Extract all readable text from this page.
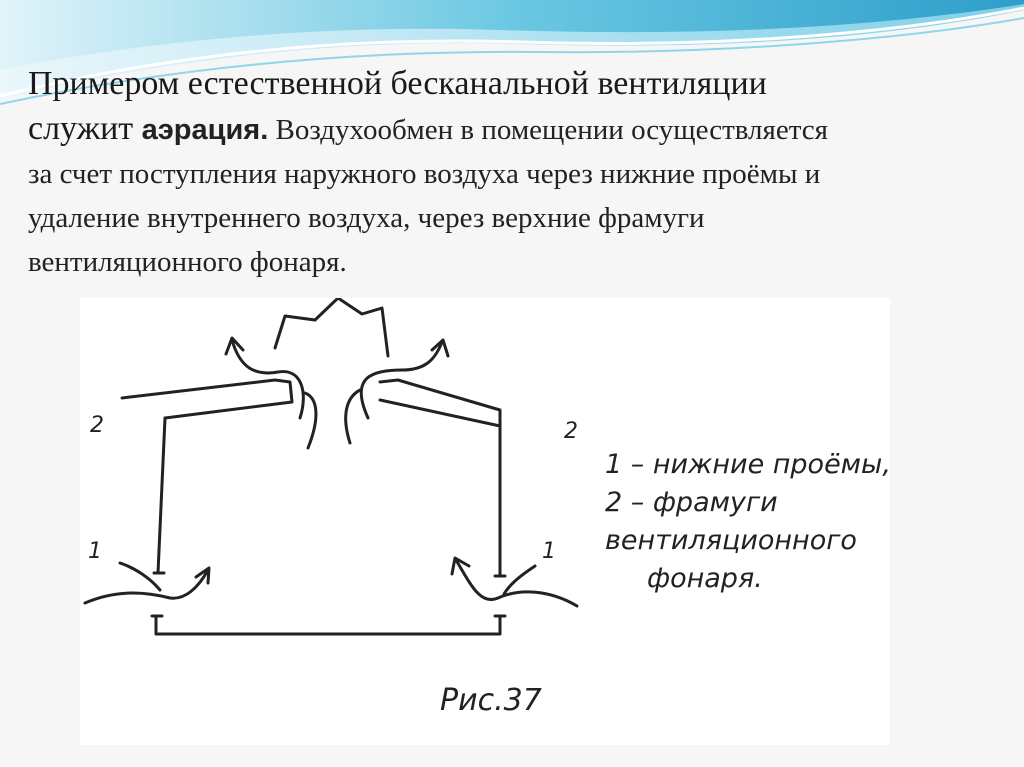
Примером естественной бесканальной вентиляции
служит аэрация. Воздухообмен в помещении осуществляется
за счет поступления наружного воздуха через нижние проёмы и
удаление внутреннего воздуха, через верхние фрамуги
вентиляционного фонаря.

2	2
1	1
1 – нижние проёмы,
2 – фрамуги
вентиляционного
фонаря.
Рис.37
